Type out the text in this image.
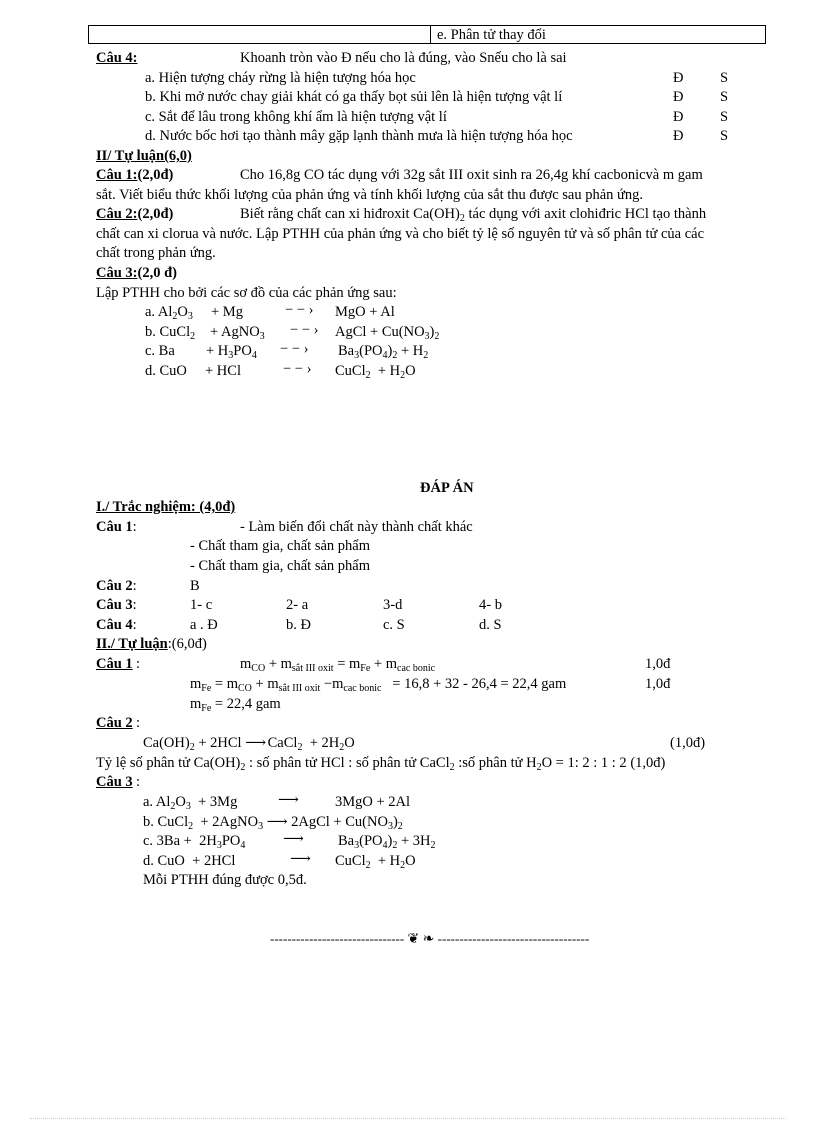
e. Phân tử thay đổi
Câu 4:	Khoanh tròn vào Đ nếu cho là đúng, vào Snếu cho là sai
a. Hiện tượng cháy rừng là hiện tượng hóa học	Đ	S
b. Khi mở nước chay giải khát có ga thấy bọt sủi lên là hiện tượng vật lí	Đ	S
c. Sắt để lâu trong không khí ẩm là hiện tượng vật lí	Đ	S
d. Nước bốc hơi tạo thành mây gặp lạnh thành mưa là hiện tượng hóa học	Đ	S
II/ Tự luận(6,0)
Câu 1:(2,0đ)	Cho 16,8g CO tác dụng với 32g sắt III oxit sinh ra 26,4g khí cacbonicvà m gam
sắt. Viết biểu thức khối lượng của phản ứng và tính khối lượng của sắt thu được sau phản ứng.
Câu 2:(2,0đ)	Biết rằng chất can xi hiđroxit $Ca(OH)_2$ tác dụng với axit clohiđric HCl tạo thành
chất can xi clorua và nước. Lập PTHH của phản ứng và cho biết tỷ lệ số nguyên tử và số phân tử của các
chất trong phản ứng.
Câu 3:(2,0 đ)
Lập PTHH cho bởi các sơ đồ của các phản ứng sau:
a. $Al_2O_3 + Mg$	− − › MgO + Al
b. CuCl$_2$ + AgNO$_3$ − − › AgCl + $Cu(NO_3)_2$
c. $Ba + H_3PO_4$ − − › $Ba_3(PO_4)_2 + H_2$
d. CuO + HCl	− − › CuCl$_2$  + $H_2O$
ĐÁP ÁN
I./ Trắc nghiệm: (4,0đ)
Câu 1:	- Làm biến đổi chất này thành chất khác
- Chất tham gia, chất sản phẩm
- Chất tham gia, chất sản phẩm
Câu 2:	B
Câu 3:	1- c	2- a	3-d	4- b
Câu 4:	a . Đ	b. Đ	c. S	d. S
II./ Tự luận:(6,0đ)
Câu 1 :	$m_{CO} + m_{sắt III oxit} = m_{Fe} + m_{cac bonic}$	1,0đ
$m_{Fe} = m_{CO} + m_{sắt III oxit} -m_{cac bonic} = 16,8 + 32 - 26,4 = 22,4$ gam	1,0đ
$m_{Fe} = 22,4$ gam
Câu 2 :
$Ca(OH)_2 + 2HCl$ ⟶ CaCl$_2$  + $2H_2O$	(1,0đ)
Tỷ lệ số phân tử $Ca(OH)_2$ : số phân tử HCl : số phân tử CaCl$_2$ :số phân tử $H_2O = 1$: 2 : 1 : 2 (1,0đ)
Câu 3 :
a. $Al_2O_3 + 3Mg$	⟶ 3MgO + 2Al
b. CuCl$_2$  + 2AgNO$_3$ ⟶ 2AgCl + $Cu(NO_3)_2$
c. $3Ba + 2H_3PO_4$	⟶ $Ba_3(PO_4)_2 + 3H_2$
d. CuO  + 2HCl	⟶ CuCl$_2$  + $H_2O$
Mỗi PTHH đúng được 0,5đ.
------------------------------- ❦ ❧ -----------------------------------
